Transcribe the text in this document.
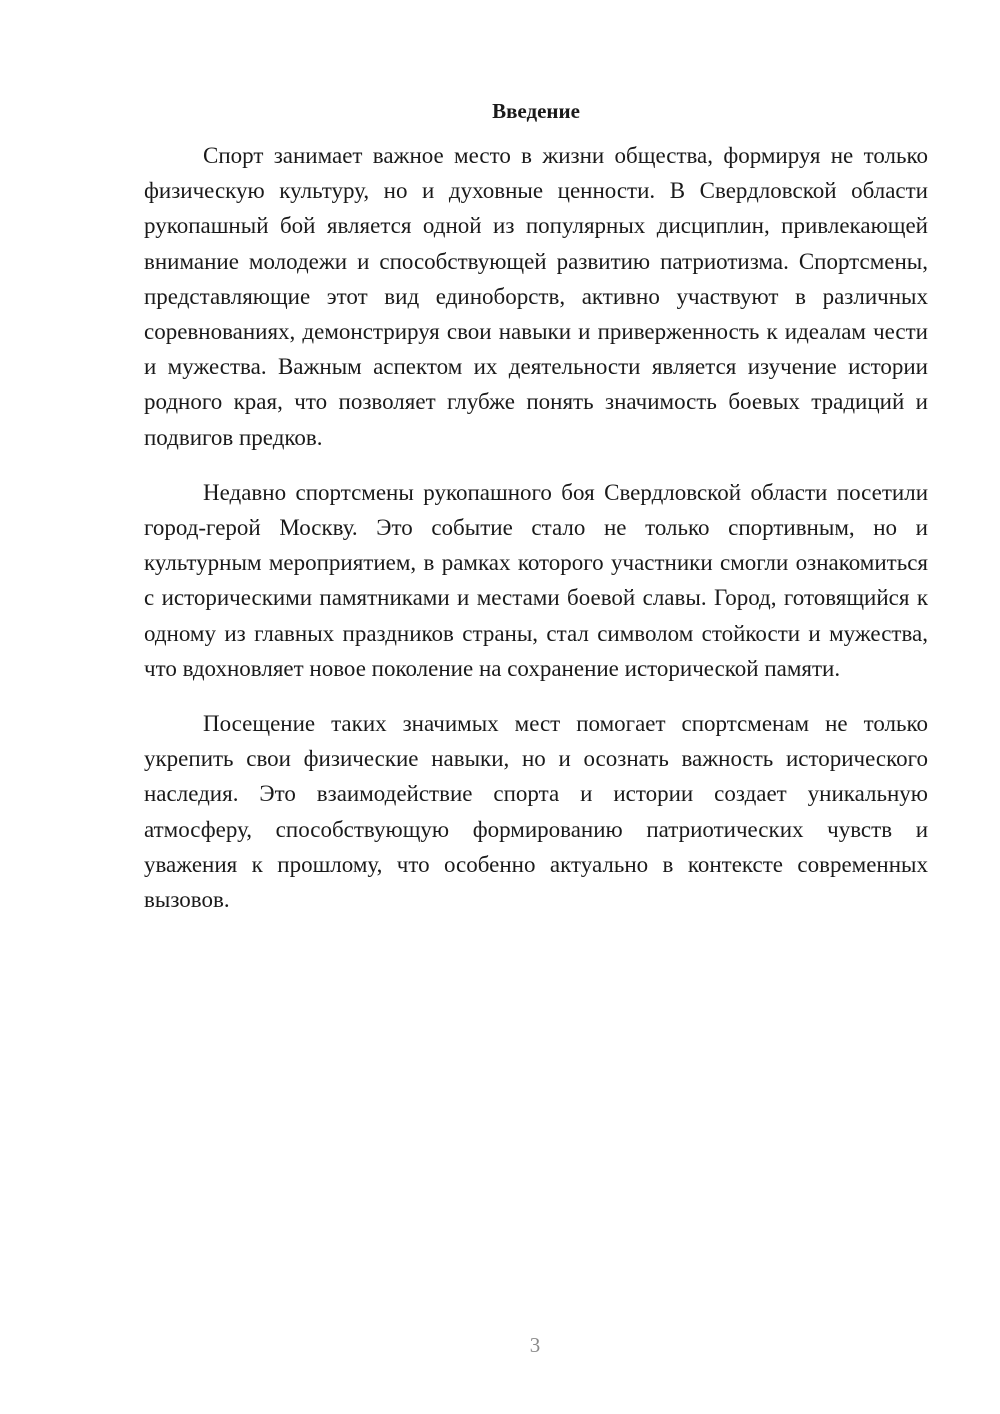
Введение

Спорт занимает важное место в жизни общества, формируя не только физическую культуру, но и духовные ценности. В Свердловской области рукопашный бой является одной из популярных дисциплин, привлекающей внимание молодежи и способствующей развитию патриотизма. Спортсмены, представляющие этот вид единоборств, активно участвуют в различных соревнованиях, демонстрируя свои навыки и приверженность к идеалам чести и мужества. Важным аспектом их деятельности является изучение истории родного края, что позволяет глубже понять значимость боевых традиций и подвигов предков.

Недавно спортсмены рукопашного боя Свердловской области посетили город-герой Москву. Это событие стало не только спортивным, но и культурным мероприятием, в рамках которого участники смогли ознакомиться с историческими памятниками и местами боевой славы. Город, готовящийся к одному из главных праздников страны, стал символом стойкости и мужества, что вдохновляет новое поколение на сохранение исторической памяти.

Посещение таких значимых мест помогает спортсменам не только укрепить свои физические навыки, но и осознать важность исторического наследия. Это взаимодействие спорта и истории создает уникальную атмосферу, способствующую формированию патриотических чувств и уважения к прошлому, что особенно актуально в контексте современных вызовов.

3
